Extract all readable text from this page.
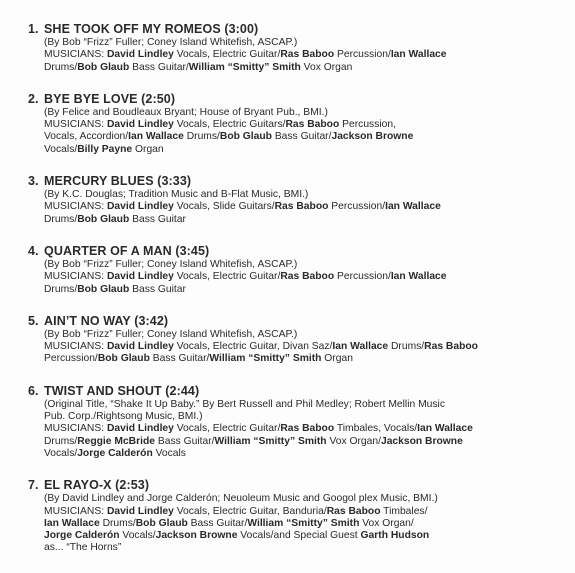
1. SHE TOOK OFF MY ROMEOS (3:00)
(By Bob “Frizz” Fuller; Coney Island Whitefish, ASCAP.)
MUSICIANS: David Lindley Vocals, Electric Guitar/Ras Baboo Percussion/Ian Wallace
Drums/Bob Glaub Bass Guitar/William “Smitty” Smith Vox Organ
2. BYE BYE LOVE (2:50)
(By Felice and Boudleaux Bryant; House of Bryant Pub., BMI.)
MUSICIANS: David Lindley Vocals, Electric Guitars/Ras Baboo Percussion,
Vocals, Accordion/Ian Wallace Drums/Bob Glaub Bass Guitar/Jackson Browne
Vocals/Billy Payne Organ
3. MERCURY BLUES (3:33)
(By K.C. Douglas; Tradition Music and B-Flat Music, BMI.)
MUSICIANS: David Lindley Vocals, Slide Guitars/Ras Baboo Percussion/Ian Wallace
Drums/Bob Glaub Bass Guitar
4. QUARTER OF A MAN (3:45)
(By Bob “Frizz” Fuller; Coney Island Whitefish, ASCAP.)
MUSICIANS: David Lindley Vocals, Electric Guitar/Ras Baboo Percussion/Ian Wallace
Drums/Bob Glaub Bass Guitar
5. AIN’T NO WAY (3:42)
(By Bob “Frizz” Fuller; Coney Island Whitefish, ASCAP.)
MUSICIANS: David Lindley Vocals, Electric Guitar, Divan Saz/Ian Wallace Drums/Ras Baboo
Percussion/Bob Glaub Bass Guitar/William “Smitty” Smith Organ
6. TWIST AND SHOUT (2:44)
(Original Title, “Shake It Up Baby.” By Bert Russell and Phil Medley; Robert Mellin Music
Pub. Corp./Rightsong Music, BMI.)
MUSICIANS: David Lindley Vocals, Electric Guitar/Ras Baboo Timbales, Vocals/Ian Wallace
Drums/Reggie McBride Bass Guitar/William “Smitty” Smith Vox Organ/Jackson Browne
Vocals/Jorge Calderón Vocals
7. EL RAYO-X (2:53)
(By David Lindley and Jorge Calderón; Neuoleum Music and Googol plex Music, BMI.)
MUSICIANS: David Lindley Vocals, Electric Guitar, Banduria/Ras Baboo Timbales/
Ian Wallace Drums/Bob Glaub Bass Guitar/William “Smitty” Smith Vox Organ/
Jorge Calderón Vocals/Jackson Browne Vocals/and Special Guest Garth Hudson
as... “The Horns”
